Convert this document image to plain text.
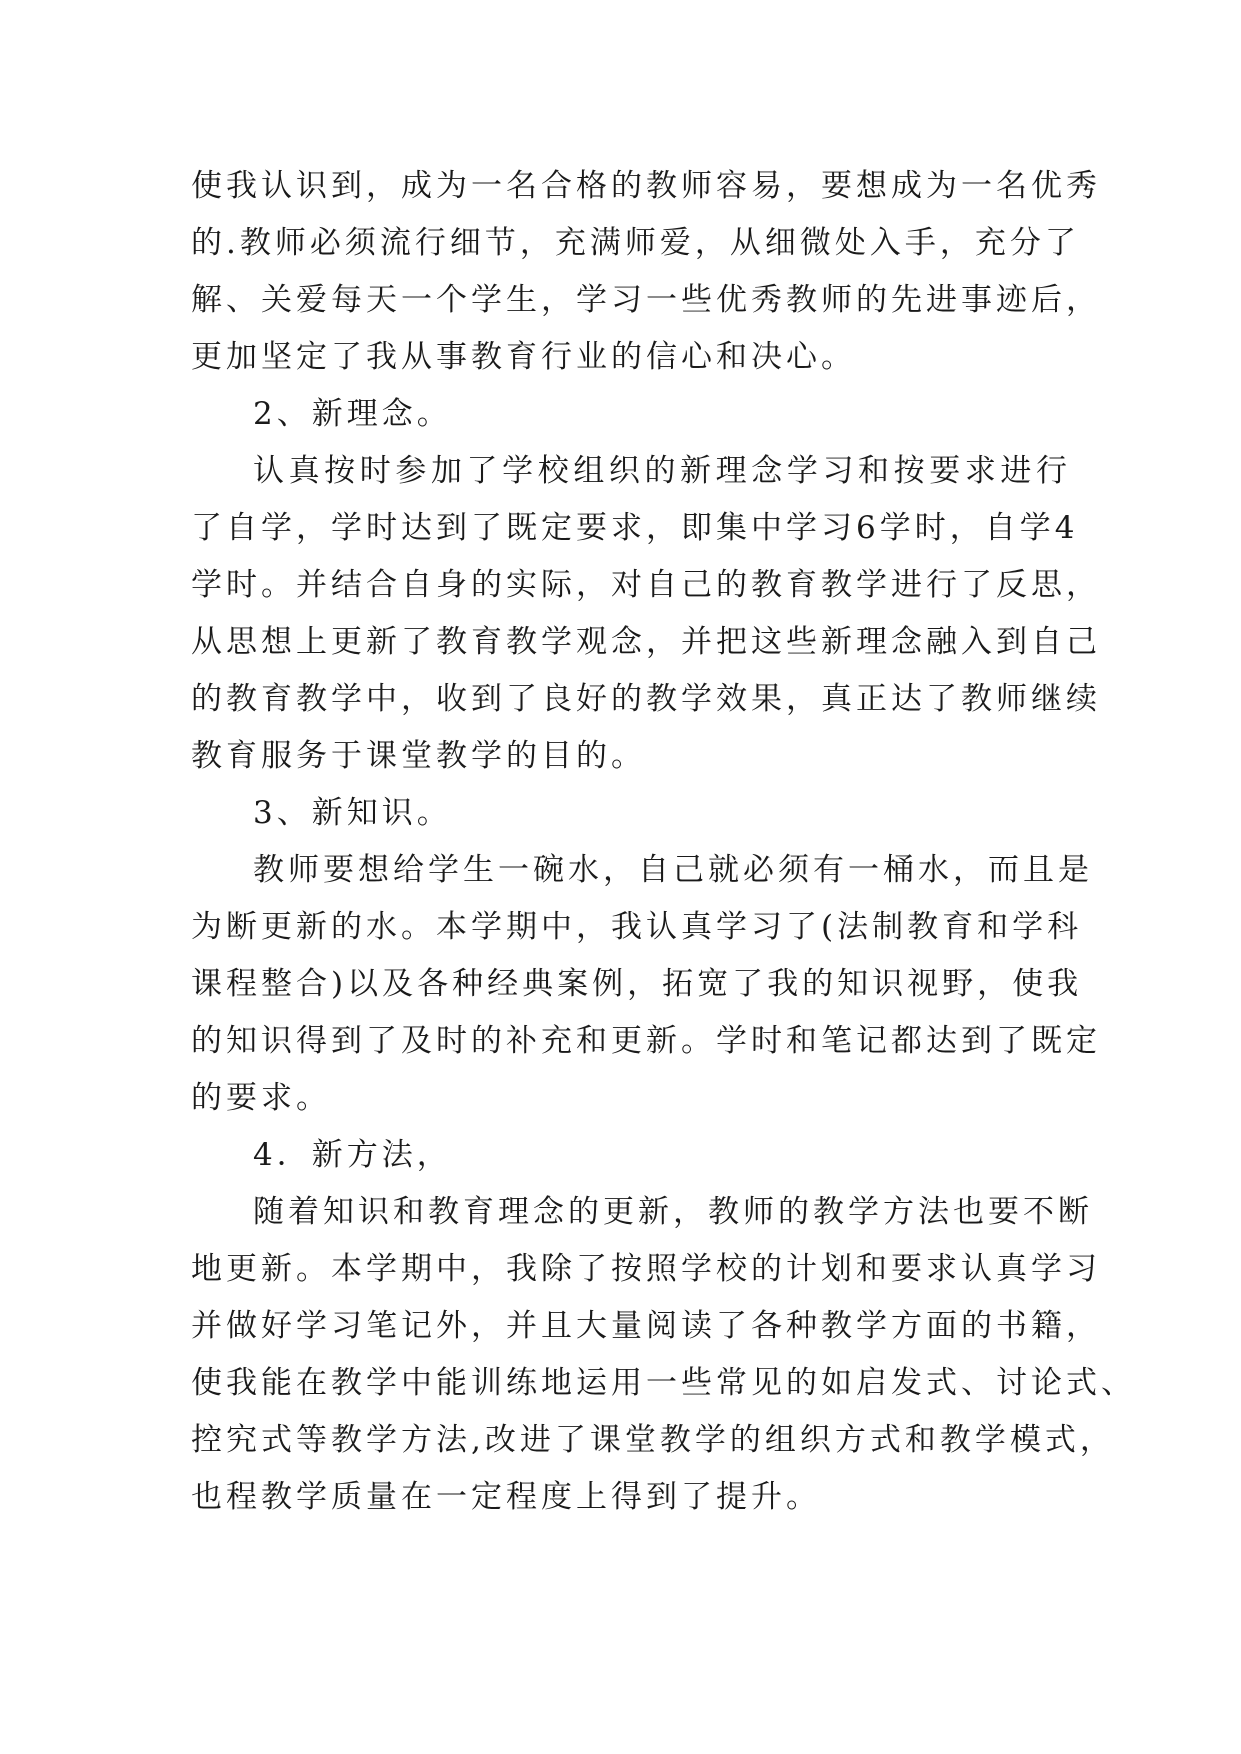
使我认识到，成为一名合格的教师容易，要想成为一名优秀
的.教师必须流行细节，充满师爱，从细微处入手，充分了
解、关爱每天一个学生，学习一些优秀教师的先进事迹后，
更加坚定了我从事教育行业的信心和决心。
2、新理念。
认真按时参加了学校组织的新理念学习和按要求进行
了自学，学时达到了既定要求，即集中学习6学时，自学4
学时。并结合自身的实际，对自己的教育教学进行了反思，
从思想上更新了教育教学观念，并把这些新理念融入到自己
的教育教学中，收到了良好的教学效果，真正达了教师继续
教育服务于课堂教学的目的。
3、新知识。
教师要想给学生一碗水，自己就必须有一桶水，而且是
为断更新的水。本学期中，我认真学习了(法制教育和学科
课程整合)以及各种经典案例，拓宽了我的知识视野，使我
的知识得到了及时的补充和更新。学时和笔记都达到了既定
的要求。
4．新方法，
随着知识和教育理念的更新，教师的教学方法也要不断
地更新。本学期中，我除了按照学校的计划和要求认真学习
并做好学习笔记外，并且大量阅读了各种教学方面的书籍，
使我能在教学中能训练地运用一些常见的如启发式、讨论式、
控究式等教学方法,改进了课堂教学的组织方式和教学模式，
也程教学质量在一定程度上得到了提升。
